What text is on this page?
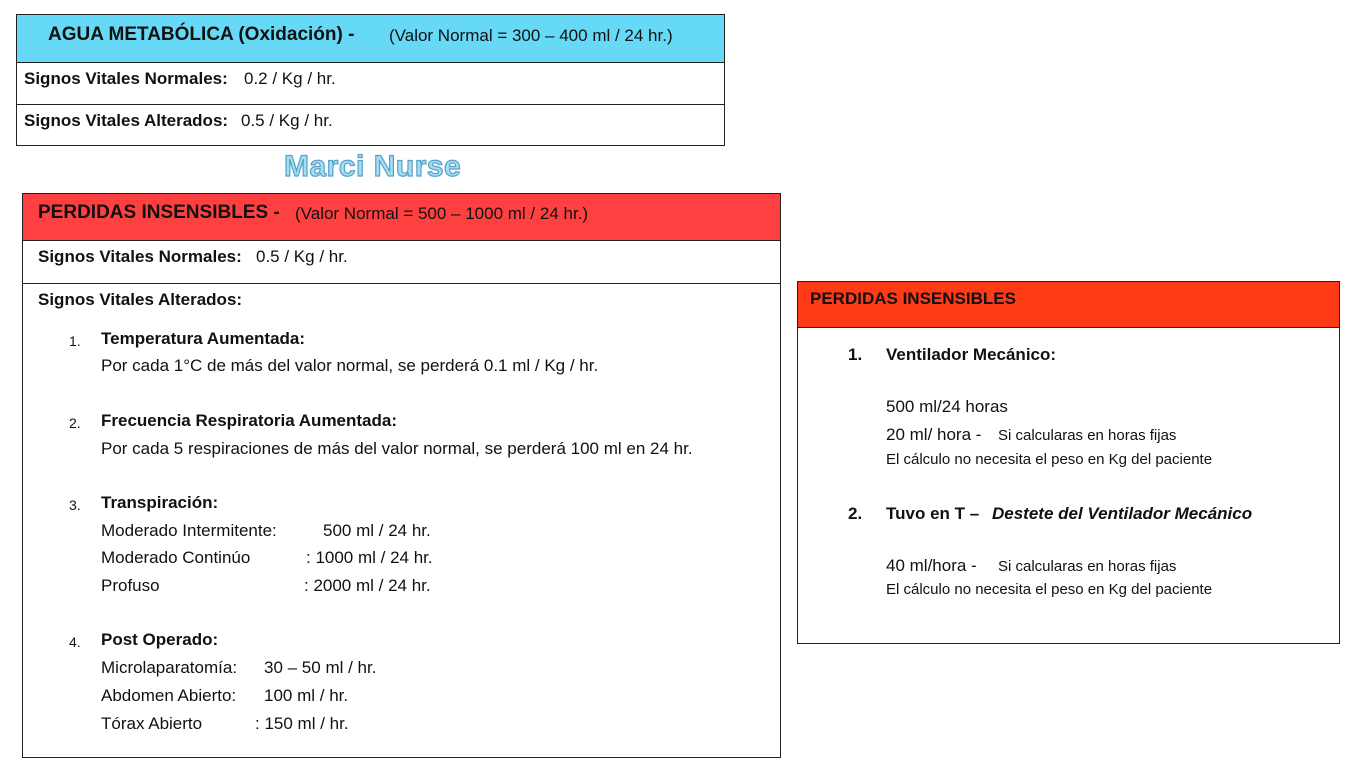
AGUA METABÓLICA (Oxidación) - (Valor Normal = 300 – 400 ml / 24 hr.)
Signos Vitales Normales: 0.2 / Kg / hr.
Signos Vitales Alterados: 0.5 / Kg / hr.
Marci Nurse
PERDIDAS INSENSIBLES - (Valor Normal = 500 – 1000 ml / 24 hr.)
Signos Vitales Normales: 0.5 / Kg / hr.
Signos Vitales Alterados:
1. Temperatura Aumentada:
Por cada 1°C de más del valor normal, se perderá 0.1 ml / Kg / hr.
2. Frecuencia Respiratoria Aumentada:
Por cada 5 respiraciones de más del valor normal, se perderá 100 ml en 24 hr.
3. Transpiración:
Moderado Intermitente:	500 ml / 24 hr.
Moderado Continúo	: 1000 ml / 24 hr.
Profuso	: 2000 ml / 24 hr.
4. Post Operado:
Microlaparatomía: 30 – 50 ml / hr.
Abdomen Abierto: 100 ml / hr.
Tórax Abierto	: 150 ml / hr.
PERDIDAS INSENSIBLES
1. Ventilador Mecánico:
500 ml/24 horas
20 ml/ hora - Si calcularas en horas fijas
El cálculo no necesita el peso en Kg del paciente
2. Tuvo en T – Destete del Ventilador Mecánico
40 ml/hora - Si calcularas en horas fijas
El cálculo no necesita el peso en Kg del paciente
